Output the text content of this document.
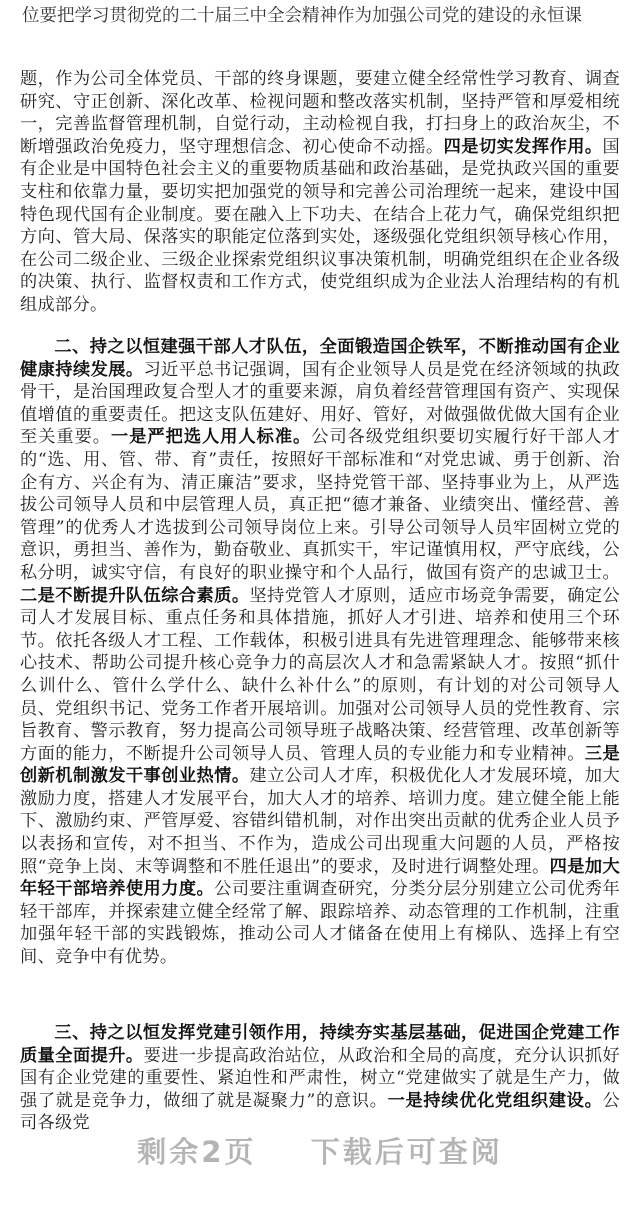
位要把学习贯彻党的二十届三中全会精神作为加强公司党的建设的永恒课
题，作为公司全体党员、干部的终身课题，要建立健全经常性学习教育、调查研究、守正创新、深化改革、检视问题和整改落实机制，坚持严管和厚爱相统一，完善监督管理机制，自觉行动，主动检视自我，打扫身上的政治灰尘，不断增强政治免疫力，坚守理想信念、初心使命不动摇。四是切实发挥作用。国有企业是中国特色社会主义的重要物质基础和政治基础，是党执政兴国的重要支柱和依靠力量，要切实把加强党的领导和完善公司治理统一起来，建设中国特色现代国有企业制度。要在融入上下功夫、在结合上花力气，确保党组织把方向、管大局、保落实的职能定位落到实处，逐级强化党组织领导核心作用，在公司二级企业、三级企业探索党组织议事决策机制，明确党组织在企业各级的决策、执行、监督权责和工作方式，使党组织成为企业法人治理结构的有机组成部分。
二、持之以恒建强干部人才队伍，全面锻造国企铁军，不断推动国有企业健康持续发展。习近平总书记强调，国有企业领导人员是党在经济领域的执政骨干，是治国理政复合型人才的重要来源，肩负着经营管理国有资产、实现保值增值的重要责任。把这支队伍建好、用好、管好，对做强做优做大国有企业至关重要。一是严把选人用人标准。公司各级党组织要切实履行好干部人才的“选、用、管、带、育”责任，按照好干部标准和“对党忠诚、勇于创新、治企有方、兴企有为、清正廉洁”要求，坚持党管干部、坚持事业为上，从严选拔公司领导人员和中层管理人员，真正把“德才兼备、业绩突出、懂经营、善管理”的优秀人才选拔到公司领导岗位上来。引导公司领导人员牢固树立党的意识，勇担当、善作为，勤奋敬业、真抓实干，牢记谨慎用权，严守底线，公私分明，诚实守信，有良好的职业操守和个人品行，做国有资产的忠诚卫士。二是不断提升队伍综合素质。坚持党管人才原则，适应市场竞争需要，确定公司人才发展目标、重点任务和具体措施，抓好人才引进、培养和使用三个环节。依托各级人才工程、工作载体，积极引进具有先进管理理念、能够带来核心技术、帮助公司提升核心竞争力的高层次人才和急需紧缺人才。按照“抓什么训什么、管什么学什么、缺什么补什么”的原则，有计划的对公司领导人员、党组织书记、党务工作者开展培训。加强对公司领导人员的党性教育、宗旨教育、警示教育，努力提高公司领导班子战略决策、经营管理、改革创新等方面的能力，不断提升公司领导人员、管理人员的专业能力和专业精神。三是创新机制激发干事创业热情。建立公司人才库，积极优化人才发展环境，加大激励力度，搭建人才发展平台，加大人才的培养、培训力度。建立健全能上能下、激励约束、严管厚爱、容错纠错机制，对作出突出贡献的优秀企业人员予以表扬和宣传，对不担当、不作为，造成公司出现重大问题的人员，严格按照“竞争上岗、末等调整和不胜任退出”的要求，及时进行调整处理。四是加大年轻干部培养使用力度。公司要注重调查研究，分类分层分别建立公司优秀年轻干部库，并探索建立健全经常了解、跟踪培养、动态管理的工作机制，注重加强年轻干部的实践锻炼，推动公司人才储备在使用上有梯队、选择上有空间、竞争中有优势。
三、持之以恒发挥党建引领作用，持续夯实基层基础，促进国企党建工作质量全面提升。要进一步提高政治站位，从政治和全局的高度，充分认识抓好国有企业党建的重要性、紧迫性和严肃性，树立“党建做实了就是生产力，做强了就是竞争力，做细了就是凝聚力”的意识。一是持续优化党组织建设。公司各级党
剩余2页 下载后可查阅
